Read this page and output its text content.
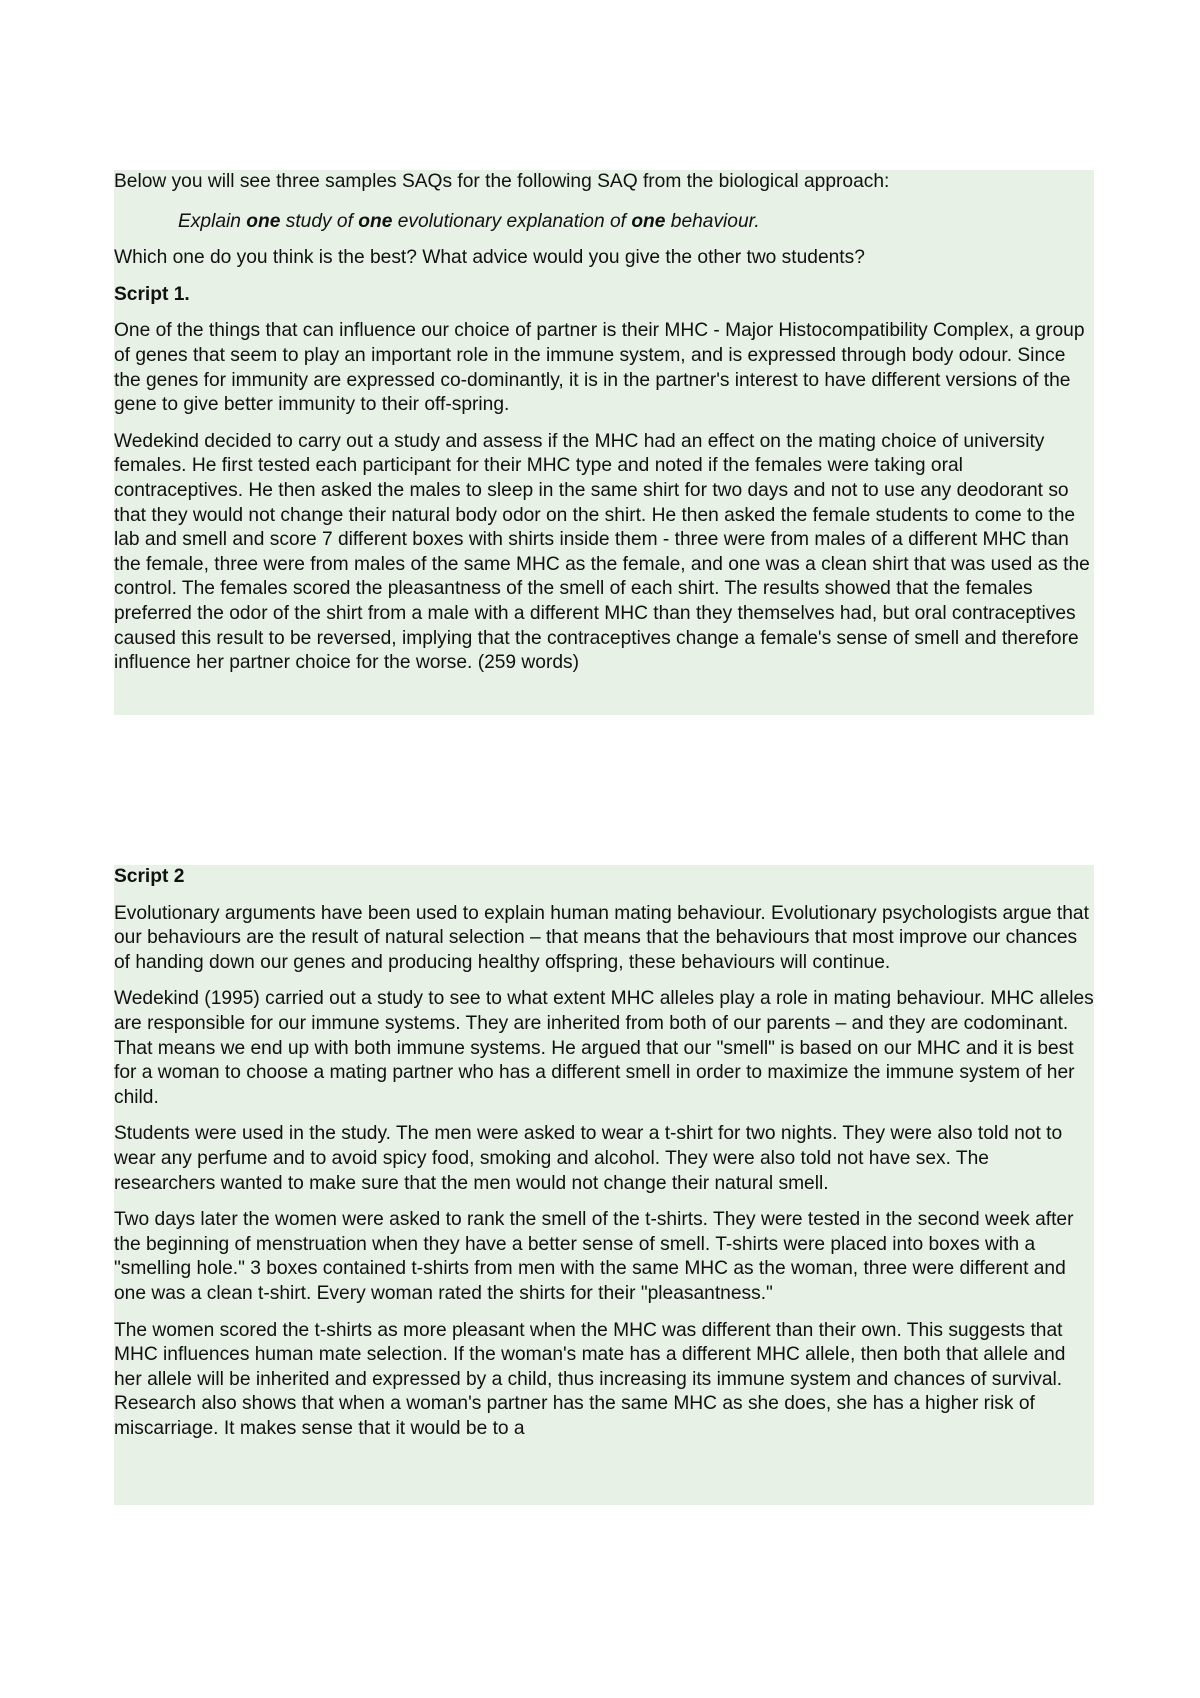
Below you will see three samples SAQs for the following SAQ from the biological approach:

Explain one study of one evolutionary explanation of one behaviour.

Which one do you think is the best? What advice would you give the other two students?

Script 1.

One of the things that can influence our choice of partner is their MHC - Major Histocompatibility Complex, a group of genes that seem to play an important role in the immune system, and is expressed through body odour. Since the genes for immunity are expressed co-dominantly, it is in the partner's interest to have different versions of the gene to give better immunity to their off-spring.

Wedekind decided to carry out a study and assess if the MHC had an effect on the mating choice of university females. He first tested each participant for their MHC type and noted if the females were taking oral contraceptives. He then asked the males to sleep in the same shirt for two days and not to use any deodorant so that they would not change their natural body odor on the shirt. He then asked the female students to come to the lab and smell and score 7 different boxes with shirts inside them - three were from males of a different MHC than the female, three were from males of the same MHC as the female, and one was a clean shirt that was used as the control. The females scored the pleasantness of the smell of each shirt. The results showed that the females preferred the odor of the shirt from a male with a different MHC than they themselves had, but oral contraceptives caused this result to be reversed, implying that the contraceptives change a female's sense of smell and therefore influence her partner choice for the worse. (259 words)

Script 2

Evolutionary arguments have been used to explain human mating behaviour. Evolutionary psychologists argue that our behaviours are the result of natural selection – that means that the behaviours that most improve our chances of handing down our genes and producing healthy offspring, these behaviours will continue.

Wedekind (1995) carried out a study to see to what extent MHC alleles play a role in mating behaviour. MHC alleles are responsible for our immune systems. They are inherited from both of our parents – and they are codominant. That means we end up with both immune systems. He argued that our "smell" is based on our MHC and it is best for a woman to choose a mating partner who has a different smell in order to maximize the immune system of her child.

Students were used in the study. The men were asked to wear a t-shirt for two nights. They were also told not to wear any perfume and to avoid spicy food, smoking and alcohol. They were also told not have sex. The researchers wanted to make sure that the men would not change their natural smell.

Two days later the women were asked to rank the smell of the t-shirts. They were tested in the second week after the beginning of menstruation when they have a better sense of smell. T-shirts were placed into boxes with a "smelling hole." 3 boxes contained t-shirts from men with the same MHC as the woman, three were different and one was a clean t-shirt. Every woman rated the shirts for their "pleasantness."

The women scored the t-shirts as more pleasant when the MHC was different than their own. This suggests that MHC influences human mate selection. If the woman's mate has a different MHC allele, then both that allele and her allele will be inherited and expressed by a child, thus increasing its immune system and chances of survival. Research also shows that when a woman's partner has the same MHC as she does, she has a higher risk of miscarriage. It makes sense that it would be to a
